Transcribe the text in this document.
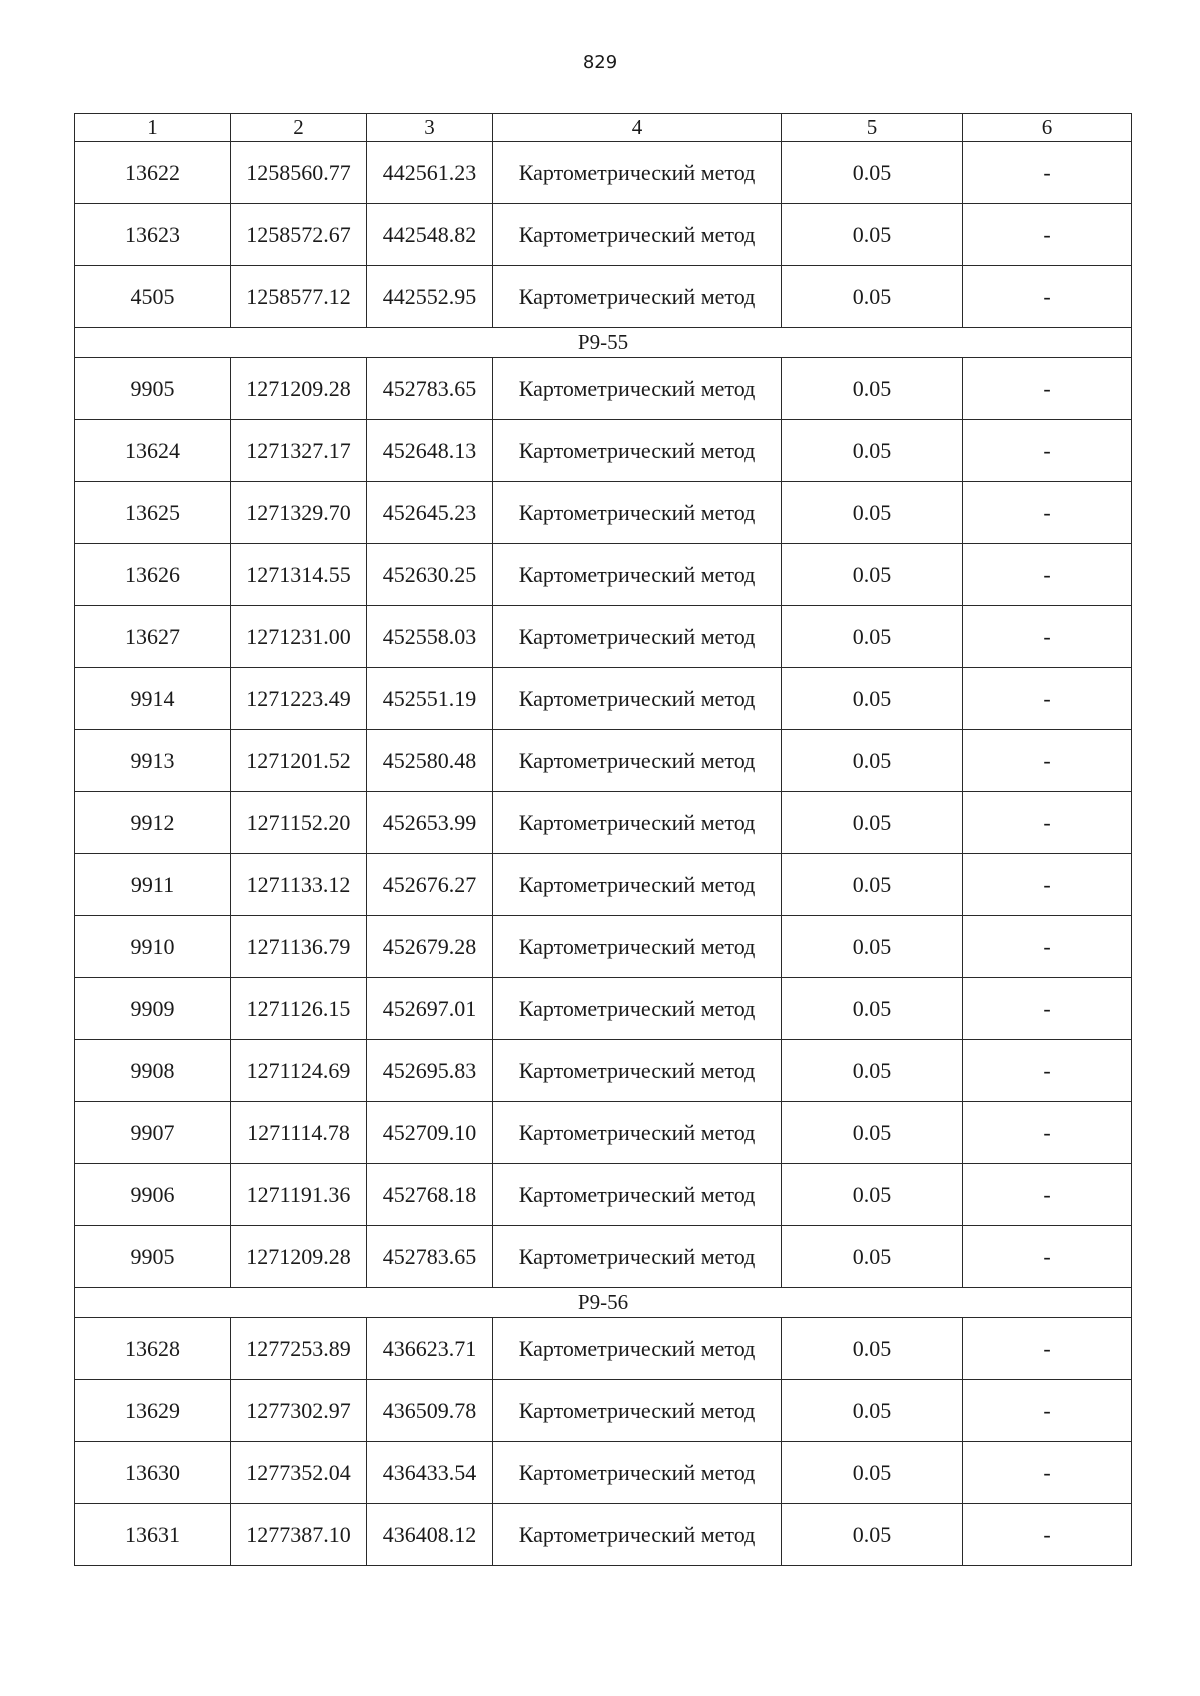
829
1	2	3	4	5	6
13622	1258560.77	442561.23	Картометрический метод	0.05	-
13623	1258572.67	442548.82	Картометрический метод	0.05	-
4505	1258577.12	442552.95	Картометрический метод	0.05	-
Р9-55					
9905	1271209.28	452783.65	Картометрический метод	0.05	-
13624	1271327.17	452648.13	Картометрический метод	0.05	-
13625	1271329.70	452645.23	Картометрический метод	0.05	-
13626	1271314.55	452630.25	Картометрический метод	0.05	-
13627	1271231.00	452558.03	Картометрический метод	0.05	-
9914	1271223.49	452551.19	Картометрический метод	0.05	-
9913	1271201.52	452580.48	Картометрический метод	0.05	-
9912	1271152.20	452653.99	Картометрический метод	0.05	-
9911	1271133.12	452676.27	Картометрический метод	0.05	-
9910	1271136.79	452679.28	Картометрический метод	0.05	-
9909	1271126.15	452697.01	Картометрический метод	0.05	-
9908	1271124.69	452695.83	Картометрический метод	0.05	-
9907	1271114.78	452709.10	Картометрический метод	0.05	-
9906	1271191.36	452768.18	Картометрический метод	0.05	-
9905	1271209.28	452783.65	Картометрический метод	0.05	-
Р9-56					
13628	1277253.89	436623.71	Картометрический метод	0.05	-
13629	1277302.97	436509.78	Картометрический метод	0.05	-
13630	1277352.04	436433.54	Картометрический метод	0.05	-
13631	1277387.10	436408.12	Картометрический метод	0.05	-
